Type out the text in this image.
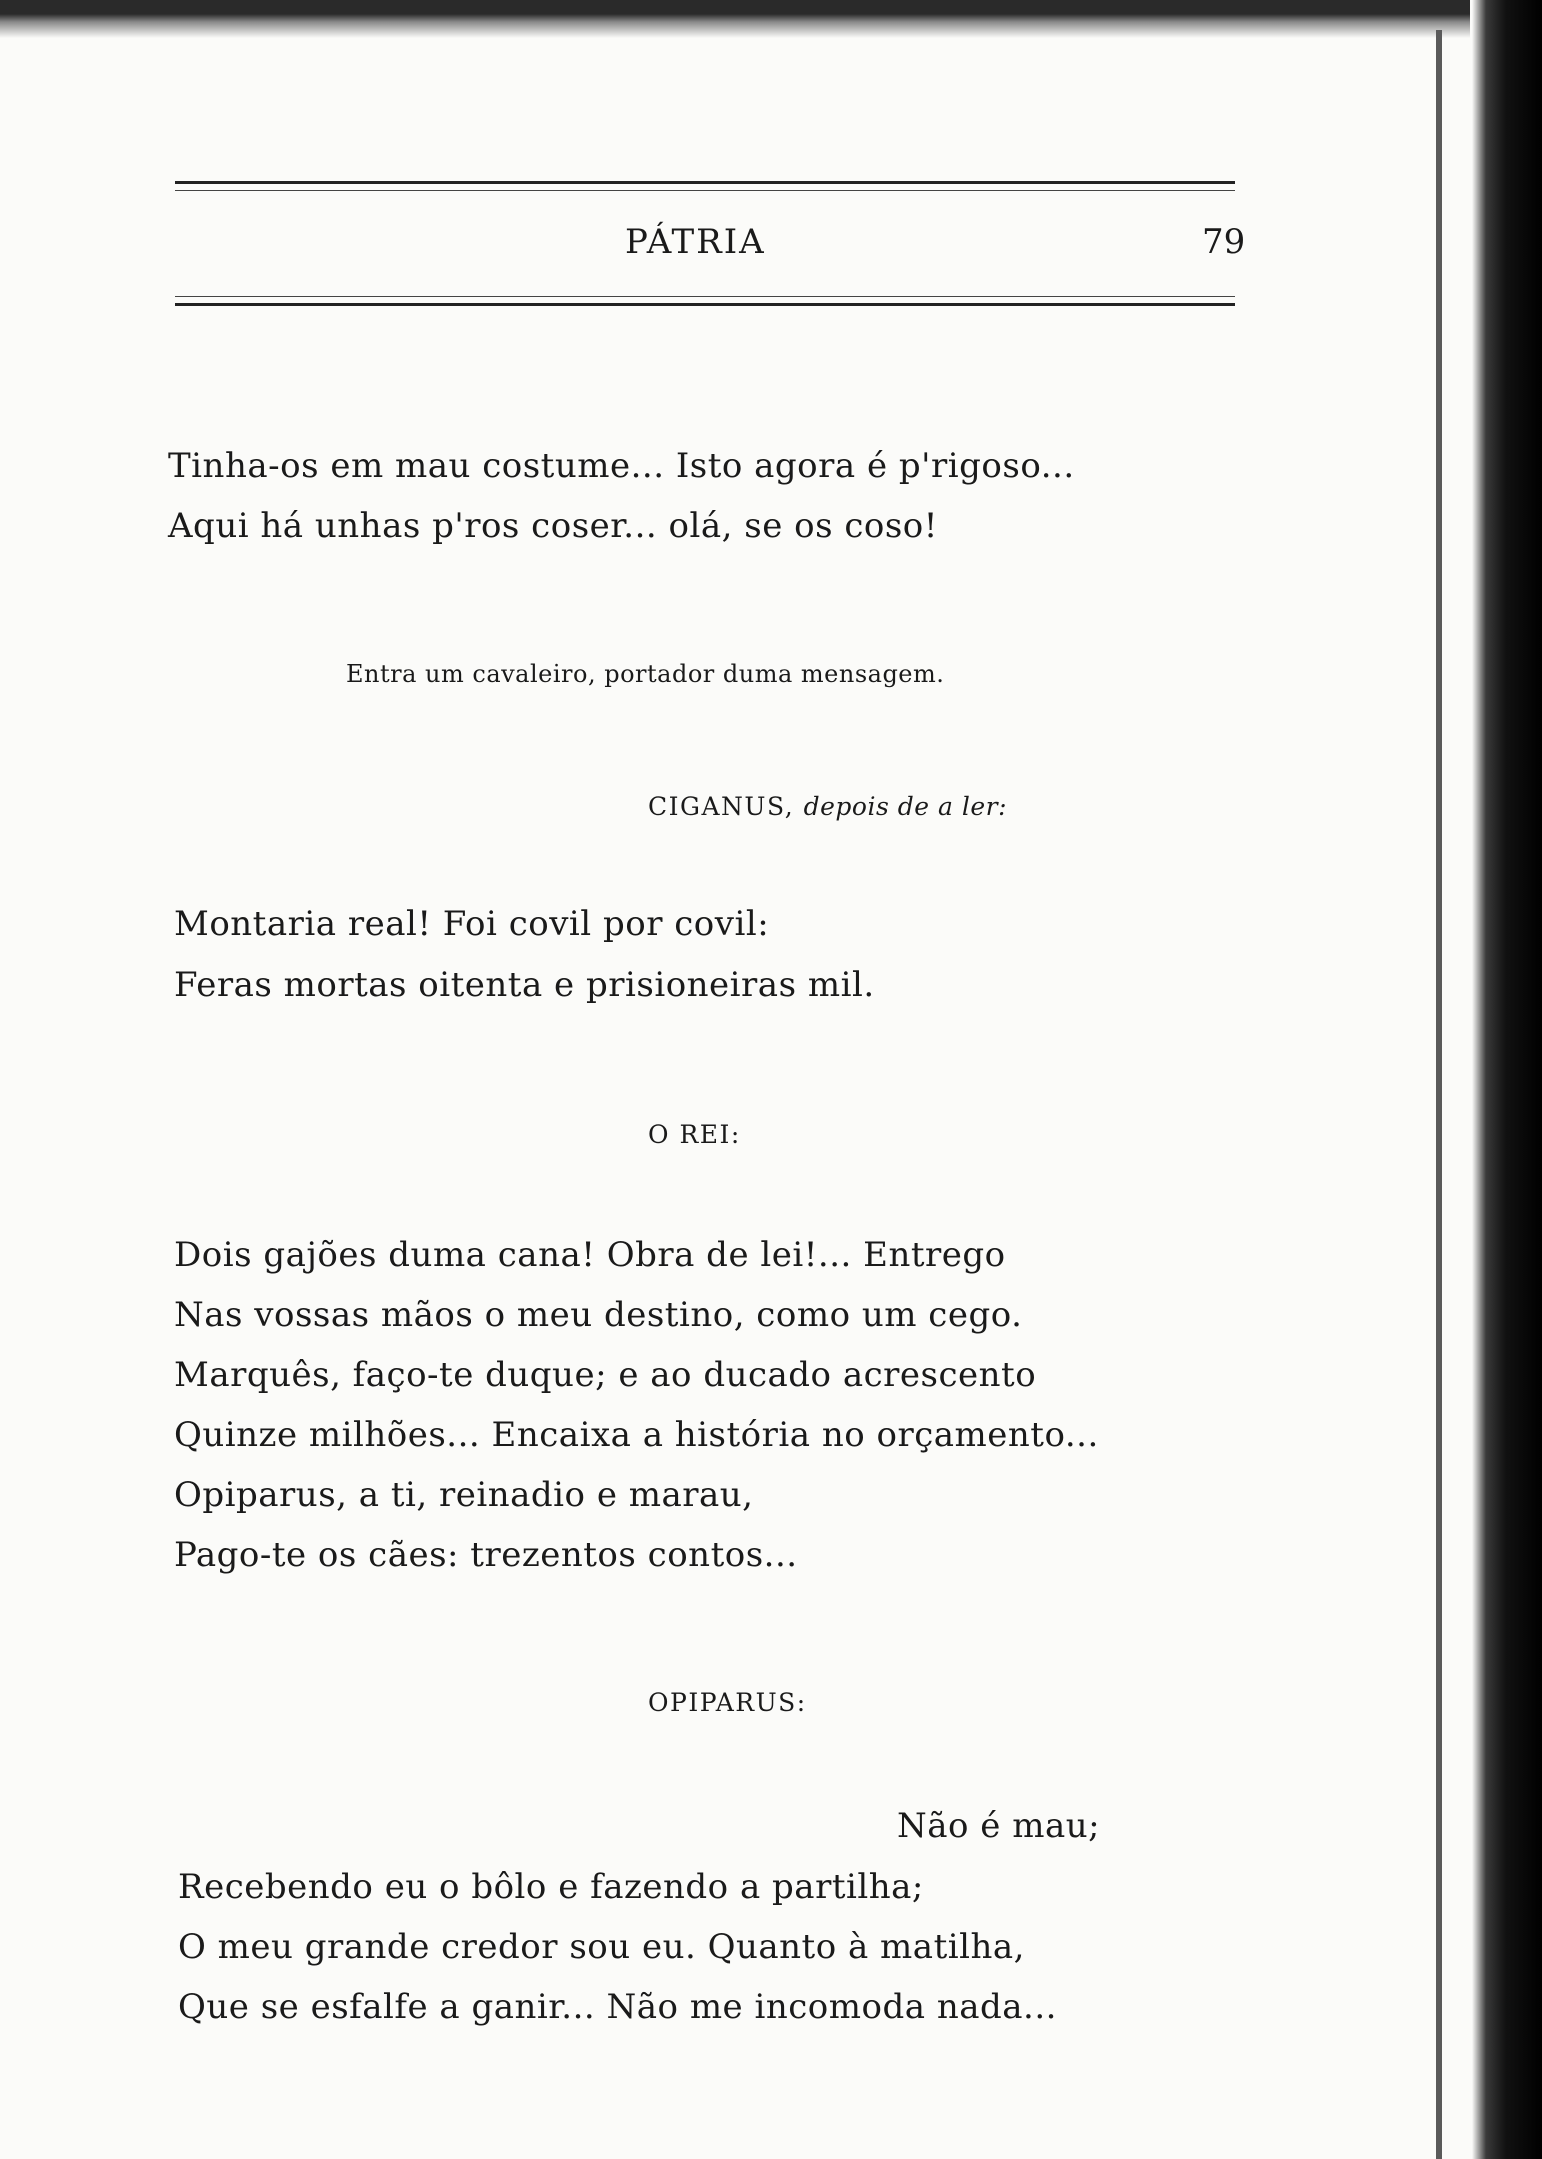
PÁTRIA	79
Tinha-os em mau costume... Isto agora é p'rigoso...
Aqui há unhas p'ros coser... olá, se os coso!
Entra um cavaleiro, portador duma mensagem.
CIGANUS, depois de a ler:
Montaria real! Foi covil por covil:
Feras mortas oitenta e prisioneiras mil.
O REI:
Dois gajões duma cana! Obra de lei!... Entrego
Nas vossas mãos o meu destino, como um cego.
Marquês, faço-te duque; e ao ducado acrescento
Quinze milhões... Encaixa a história no orçamento...
Opiparus, a ti, reinadio e marau,
Pago-te os cães: trezentos contos...
OPIPARUS:
Não é mau;
Recebendo eu o bôlo e fazendo a partilha;
O meu grande credor sou eu. Quanto à matilha,
Que se esfalfe a ganir... Não me incomoda nada...
